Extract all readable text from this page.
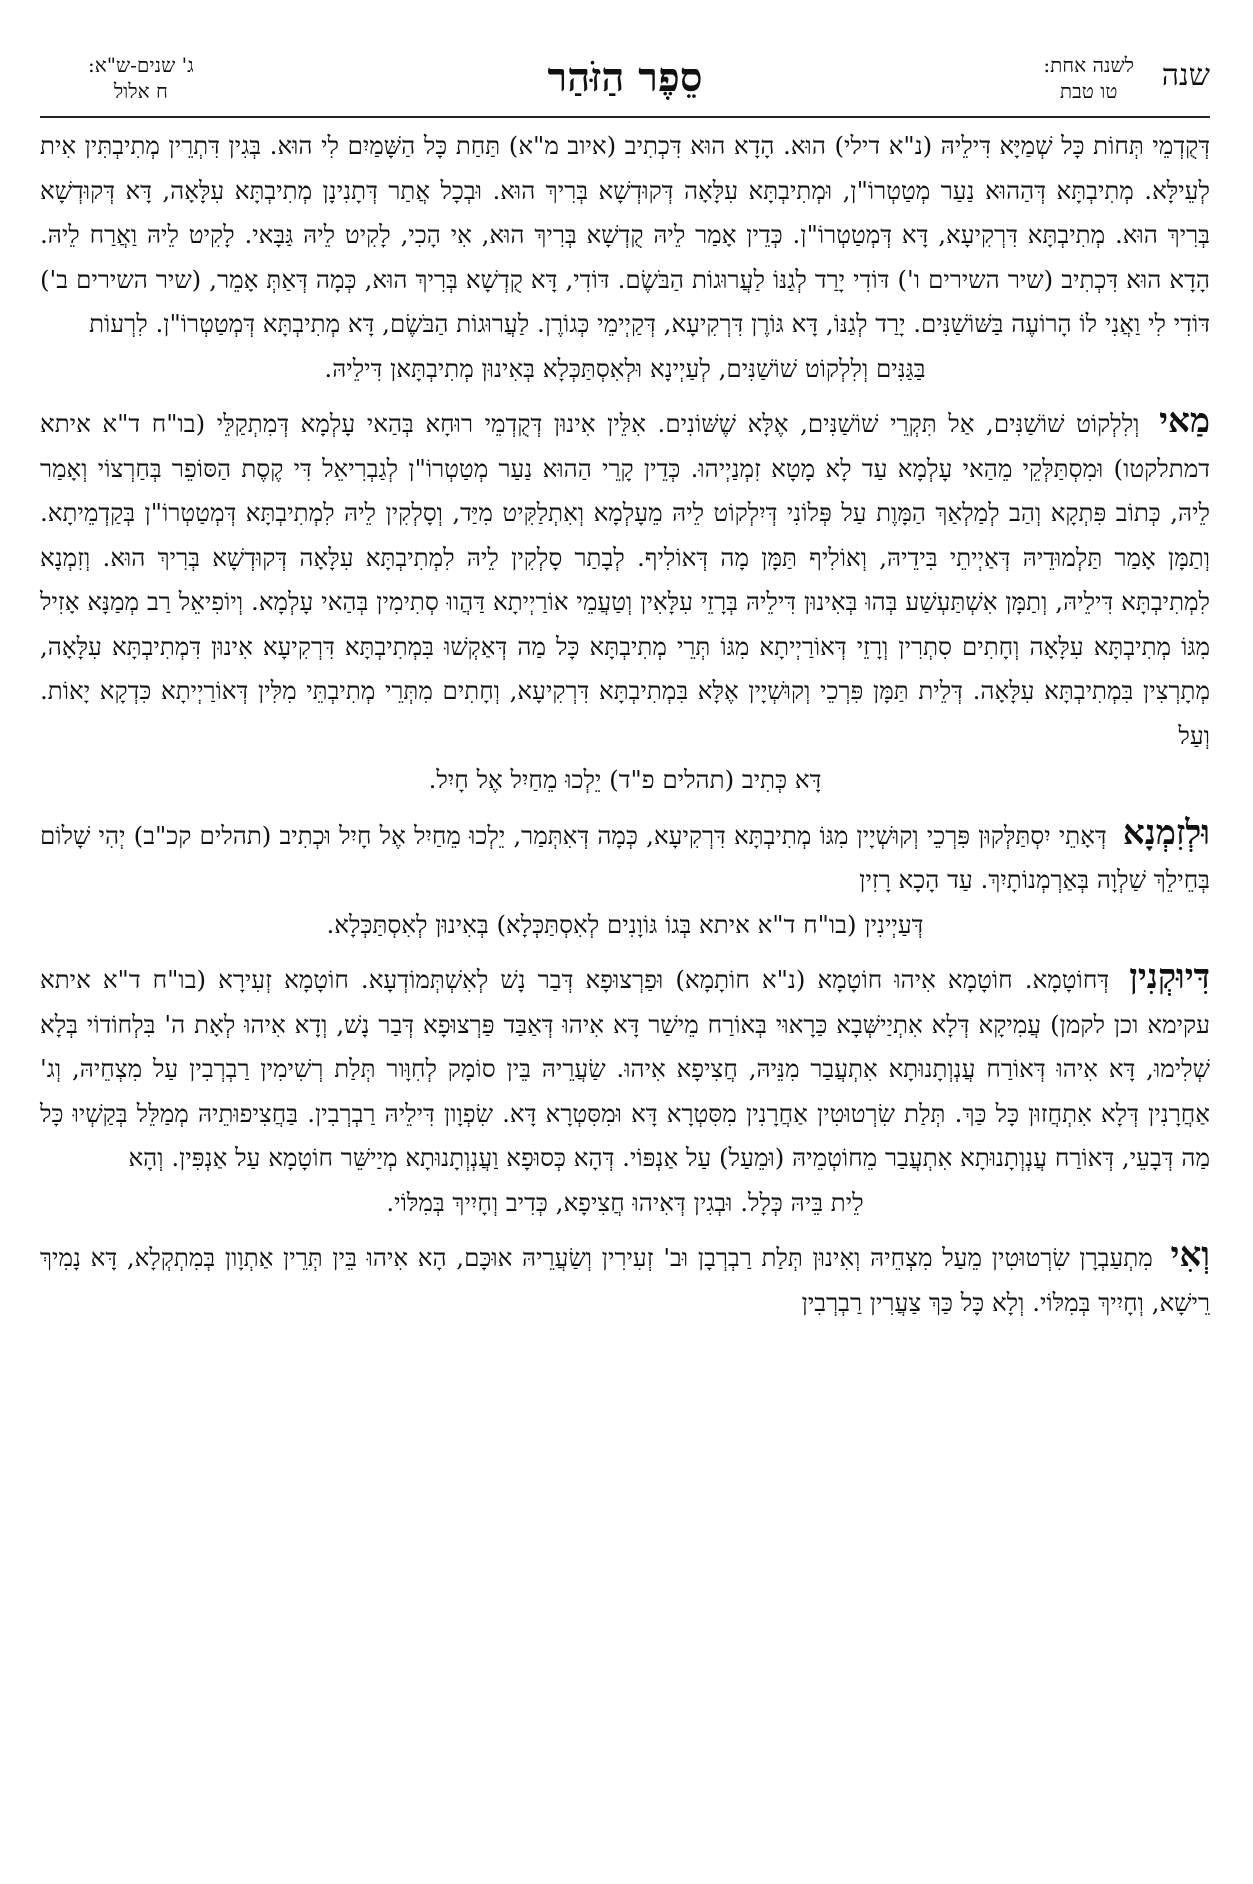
שנה
לשנה אחת:
טו טבת
סֵפֶר הַזֹּהַר
ג' שנים-ש"א:
ח אלול

דְּקֻדְמֵי תְּחוֹת כָּל שְׁמַיָּא דִּילֵיהּ (נ"א דילי) הוּא. הָדָא הוּא דִּכְתִיב (איוב מ"א) תַּחַת כָּל הַשָּׁמַיִם לִי הוּא. בְּגִין דִּתְרֵין מְתִיבְתִּין אִית לְעֵילָּא. מְתִיבְתָּא דְּהַהוּא נַעַר מְטַטְרוֹ"ן, וּמְתִיבְתָּא עִלָּאָה דְּקוּדְשָׁא בְּרִיךְ הוּא. וּבְכָל אֲתַר דְּתָנִינָן מְתִיבְתָּא עִלָּאָה, דָּא דְּקוּדְשָׁא בְּרִיךְ הוּא. מְתִיבְתָּא דִּרְקִיעָא, דָּא דְּמְטַטְרוֹ"ן. כְּדֵין אָמַר לֵיהּ קֻדְשָׁא בְּרִיךְ הוּא, אִי הָכִי, לָקִיט לֵיהּ גַּבָּאי. לָקִיט לֵיהּ וַאֲרַח לֵיהּ. הָדָא הוּא דִּכְתִיב (שיר השירים ו') דּוֹדִי יָרַד לְגַנּוֹ לַעֲרוּגוֹת הַבֹּשֶׂם. דּוֹדִי, דָּא קֻדְשָׁא בְּרִיךְ הוּא, כְּמָה דְּאַתְּ אָמֵר, (שיר השירים ב') דּוֹדִי לִי וַאֲנִי לוֹ הָרוֹעֶה בַּשּׁוֹשַׁנִּים. יָרַד לְגַנּוֹ, דָּא גּוֹרֶן דִּרְקִיעָא, דְּקַיְימֵי כְּגוֹרֶן. לַעֲרוּגוֹת הַבֹּשֶׂם, דָּא מְתִיבְתָּא דְּמְטַטְרוֹ"ן. לִרְעוֹת
בַּגַּנִּים וְלִלְקוֹט שׁוֹשַׁנִּים, לְעַיְינָא וּלְאִסְתַּכְּלָא בְּאִינוּן מְתִיבְתָּאן דִּילֵיהּ.

מַאי וְלִלְקוֹט שׁוֹשַׁנִּים, אַל תִּקְרֵי שׁוֹשַׁנִּים, אֶלָּא שֶׁשּׁוֹנִים. אִלֵּין אִינוּן דְּקֻדְמֵי רוּחָא בְּהַאי עָלְמָא דְּמִתְקַלֵּי (בו"ח ד"א איתא דמתלקטו) וּמִסְתַּלְּקֵי מֵהַאי עָלְמָא עַד לָא מָטָא זִמְנַיְיהוּ. כְּדֵין קָרֵי הַהוּא נַעַר מְטַטְרוֹ"ן לְגַבְרִיאֵל דִּי קֶסֶת הַסּוֹפֵר בְּחַרְצוֹי וְאָמַר לֵיהּ, כְּתוֹב פִּתְקָא וְהַב לְמַלְאַךְ הַמָּוֶת עַל פְּלוֹנִי דְּיִלְקוֹט לֵיהּ מֵעָלְמָא וְאִתְלַקִּיט מִיַּד, וְסָלְקִין לֵיהּ לִמְתִיבְתָּא דְּמְטַטְרוֹ"ן בְּקַדְמֵיתָא. וְתַמָּן אָמַר תַּלְמוּדֵיהּ דְּאַיְיתֵי בִּידֵיהּ, וְאוֹלִיף תַּמָּן מָה דְּאוֹלִיף. לְבָתַר סָלְקִין לֵיהּ לִמְתִיבְתָּא עִלָּאָה דְּקוּדְשָׁא בְּרִיךְ הוּא. וְזִמְנָא לִמְתִיבְתָּא דִּילֵיהּ, וְתַמָּן אִשְׁתַּעְשַׁע בְּהוּ בְּאִינוּן דִּילֵיהּ בְּרָזֵי עִלָּאִין וְטַעֲמֵי אוֹרַיְיתָא דַּהֲווּ סְתִימִין בְּהַאי עָלְמָא. וְיוֹפִיאֵל רַב מְמַנָּא אָזִיל מִגּוֹ מְתִיבְתָּא עִלָּאָה וְחָתִים סִתְרִין וְרָזֵי דְּאוֹרַיְיתָא מִגּוֹ תְּרֵי מְתִיבְתָּא כָּל מַה דְּאַקְשׁוּ בִּמְתִיבְתָּא דִּרְקִיעָא אִינוּן דִּמְתִיבְתָּא עִלָּאָה, מְתָרְצִין בִּמְתִיבְתָּא עִלָּאָה. דְּלֵית תַּמָּן פִּרְכֵי וְקוּשְׁיָין אֶלָּא בִּמְתִיבְתָּא דִּרְקִיעָא, וְחָתִים מִתְּרֵי מְתִיבְתֵּי מִלִּין דְּאוֹרַיְיתָא כִּדְקָא יָאוֹת. וְעַל
דָּא כְּתִיב (תהלים פ"ד) יֵלְכוּ מֵחַיִל אֶל חָיִל.

וּלְזִמְנָא דְּאָתֵי יִסְתַּלְּקוּן פִּרְכֵי וְקוּשְׁיָין מִגּוֹ מְתִיבְתָּא דִּרְקִיעָא, כְּמָה דְּאִתְּמַר, יֵלְכוּ מֵחַיִל אֶל חָיִל וּכְתִיב (תהלים קכ"ב) יְהִי שָׁלוֹם בְּחֵילֵךְ שַׁלְוָה בְּאַרְמְנוֹתָיִךְ. עַד הָכָא רָזִין
דְּעַיְינִין (בו"ח ד"א איתא בְּגוֹ גּוֹוָנִים לְאִסְתַּכְּלָא) בְּאִינוּן לְאִסְתַּכְּלָא.

דִּיוּקְנִין דְּחוֹטָמָא. חוֹטָמָא אִיהוּ חוֹטָמָא (נ"א חוֹתָמָא) וּפַרְצוּפָא דְּבַר נָשׁ לְאִשְׁתְּמוֹדְעָא. חוֹטָמָא זְעִירָא (בו"ח ד"א איתא עקימא וכן לקמן) עֲמִיקָא דְּלָא אִתְיַישְּׁבָא כַּרָאוּי בְּאוֹרַח מֵישַׁר דָּא אִיהוּ דְּאַבַּד פַּרְצוּפָא דְּבַר נָשׁ, וְדָא אִיהוּ לְאָת ה' בִּלְחוֹדוֹי בְּלָא שְׁלִימוּ, דָּא אִיהוּ דְּאוֹרַח עֲנְוְתָנוּתָא אִתְעֲבַר מִנֵּיהּ, חֲצִיפָא אִיהוּ. שַׂעֲרֵיהּ בֵּין סוֹמָק לְחִוָּור תְּלַת רְשִׁימִין רַבְרְבִין עַל מִצְחֵיהּ, וְג' אַחֲרָנִין דְּלָא אִתְחֲזוּן כָּל כַּךְ. תְּלַת שִׂרְטוּטִין אַחֲרָנִין מִסִּטְרָא דָּא וּמִסִּטְרָא דָּא. שִׂפְוָון דִּילֵיהּ רַבְרְבִין. בַּחֲצִיפוּתֵיהּ מְמַלֵּל בְּקַשְׁיוּ כָּל מַה דְּבָעֵי, דְּאוֹרַח עֲנְוְתָנוּתָא אִתְעֲבַר מֵחוֹטְמֵיהּ (וּמֵעַל) עַל אַנְפּוֹי. דְּהָא כְּסוּפָא וַעֲנְוְתָנוּתָא מְיַישֵּׁר חוֹטָמָא עַל אַנְפִּין. וְהָא
לֵית בֵּיהּ כְּלָל. וּבְגִין דְּאִיהוּ חֲצִיפָא, כְּדִיב וְחָיִיךְ בְּמִלּוֹי.

וְאִי מִתְעַבְרָן שִׂרְטוּטִין מֵעַל מִצְחֵיהּ וְאִינוּן תְּלַת רַבְרְבָן וּב' זְעִירִין וְשַׂעֲרֵיהּ אוּכָּם, הָא אִיהוּ בֵּין תְּרֵין אַתְוָון בְּמִתְקְלָא, דָּא נָמִיךְ רֵישָׁא, וְחָיִיךְ בְּמִלּוֹי. וְלָא כָּל כַּךְ צַעֲרִין רַבְרְבִין
